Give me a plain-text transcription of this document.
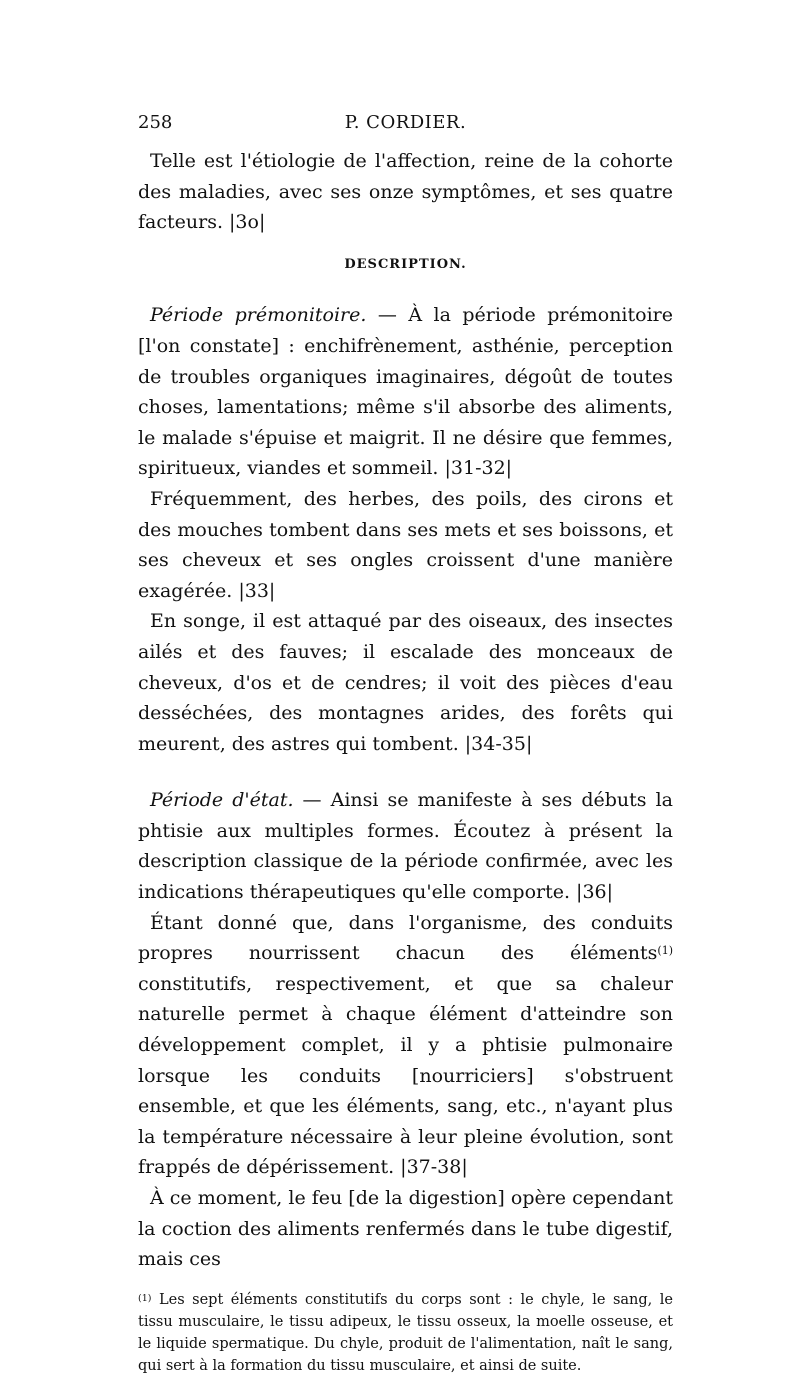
258	P. CORDIER.

Telle est l'étiologie de l'affection, reine de la cohorte des maladies, avec ses onze symptômes, et ses quatre facteurs. |3o|

DESCRIPTION.

Période prémonitoire. — À la période prémonitoire [l'on constate] : enchifrènement, asthénie, perception de troubles organiques imaginaires, dégoût de toutes choses, lamentations; même s'il absorbe des aliments, le malade s'épuise et maigrit. Il ne désire que femmes, spiritueux, viandes et sommeil. |31-32|

Fréquemment, des herbes, des poils, des cirons et des mouches tombent dans ses mets et ses boissons, et ses cheveux et ses ongles croissent d'une manière exagérée. |33|

En songe, il est attaqué par des oiseaux, des insectes ailés et des fauves; il escalade des monceaux de cheveux, d'os et de cendres; il voit des pièces d'eau desséchées, des montagnes arides, des forêts qui meurent, des astres qui tombent. |34-35|

Période d'état. — Ainsi se manifeste à ses débuts la phtisie aux multiples formes. Écoutez à présent la description classique de la période confirmée, avec les indications thérapeutiques qu'elle comporte. |36|

Étant donné que, dans l'organisme, des conduits propres nourrissent chacun des éléments$^{(1)}$ constitutifs, respectivement, et que sa chaleur naturelle permet à chaque élément d'atteindre son développement complet, il y a phtisie pulmonaire lorsque les conduits [nourriciers] s'obstruent ensemble, et que les éléments, sang, etc., n'ayant plus la température nécessaire à leur pleine évolution, sont frappés de dépérissement. |37-38|

À ce moment, le feu [de la digestion] opère cependant la coction des aliments renfermés dans le tube digestif, mais ces

$^{(1)}$ Les sept éléments constitutifs du corps sont : le chyle, le sang, le tissu musculaire, le tissu adipeux, le tissu osseux, la moelle osseuse, et le liquide spermatique. Du chyle, produit de l'alimentation, naît le sang, qui sert à la formation du tissu musculaire, et ainsi de suite.
